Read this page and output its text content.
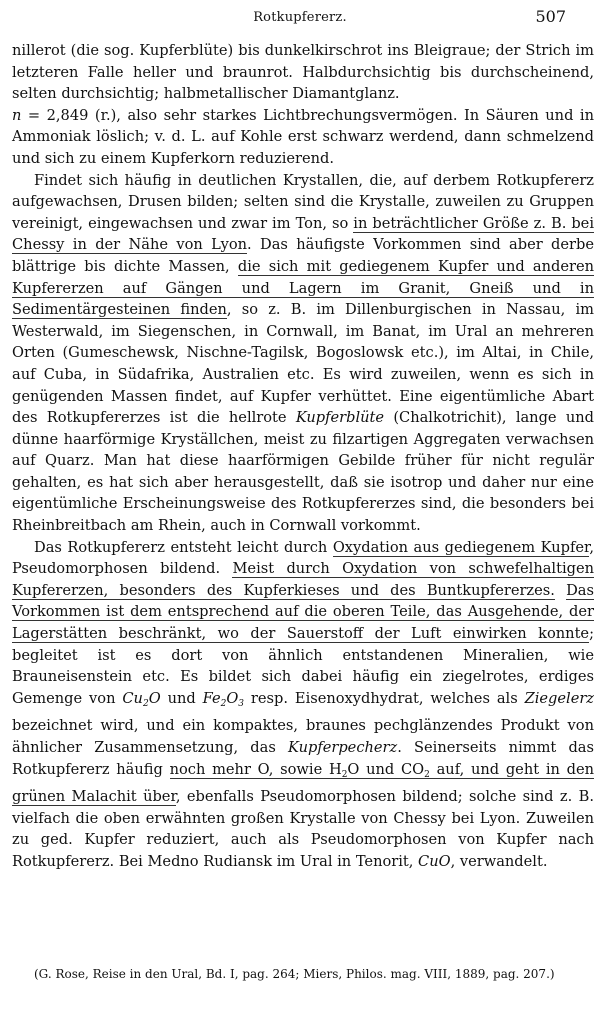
Rotkupfererz.	507

nillerot (die sog. Kupferblüte) bis dunkelkirschrot ins Bleigraue; der Strich im letzteren Falle heller und braunrot. Halbdurchsichtig bis durchscheinend, selten durchsichtig; halbmetallischer Diamantglanz.
n = 2,849 (r.), also sehr starkes Lichtbrechungsvermögen. In Säuren und in Ammoniak löslich; v. d. L. auf Kohle erst schwarz werdend, dann schmelzend und sich zu einem Kupferkorn reduzierend.

Findet sich häufig in deutlichen Krystallen, die, auf derbem Rotkupfererz aufgewachsen, Drusen bilden; selten sind die Krystalle, zuweilen zu Gruppen vereinigt, eingewachsen und zwar im Ton, so in beträchtlicher Größe z. B. bei Chessy in der Nähe von Lyon. Das häufigste Vorkommen sind aber derbe blättrige bis dichte Massen, die sich mit gediegenem Kupfer und anderen Kupfererzen auf Gängen und Lagern im Granit, Gneiß und in Sedimentärgesteinen finden, so z. B. im Dillenburgischen in Nassau, im Westerwald, im Siegenschen, in Cornwall, im Banat, im Ural an mehreren Orten (Gumeschewsk, Nischne-Tagilsk, Bogoslowsk etc.), im Altai, in Chile, auf Cuba, in Südafrika, Australien etc. Es wird zuweilen, wenn es sich in genügenden Massen findet, auf Kupfer verhüttet. Eine eigentümliche Abart des Rotkupfererzes ist die hellrote Kupferblüte (Chalkotrichit), lange und dünne haarförmige Kryställchen, meist zu filzartigen Aggregaten verwachsen auf Quarz. Man hat diese haarförmigen Gebilde früher für nicht regulär gehalten, es hat sich aber herausgestellt, daß sie isotrop und daher nur eine eigentümliche Erscheinungsweise des Rotkupfererzes sind, die besonders bei Rheinbreitbach am Rhein, auch in Cornwall vorkommt.

Das Rotkupfererz entsteht leicht durch Oxydation aus gediegenem Kupfer, Pseudomorphosen bildend. Meist durch Oxydation von schwefelhaltigen Kupfererzen, besonders des Kupferkieses und des Buntkupfererzes. Das Vorkommen ist dem entsprechend auf die oberen Teile, das Ausgehende, der Lagerstätten beschränkt, wo der Sauerstoff der Luft einwirken konnte; begleitet ist es dort von ähnlich entstandenen Mineralien, wie Brauneisenstein etc. Es bildet sich dabei häufig ein ziegelrotes, erdiges Gemenge von $Cu_2O$ und $Fe_2O_3$ resp. Eisenoxydhydrat, welches als Ziegelerz bezeichnet wird, und ein kompaktes, braunes pechglänzendes Produkt von ähnlicher Zusammensetzung, das Kupferpecherz. Seinerseits nimmt das Rotkupfererz häufig noch mehr O, sowie $H_2O$ und $CO_2$ auf, und geht in den grünen Malachit über, ebenfalls Pseudomorphosen bildend; solche sind z. B. vielfach die oben erwähnten großen Krystalle von Chessy bei Lyon. Zuweilen zu ged. Kupfer reduziert, auch als Pseudomorphosen von Kupfer nach Rotkupfererz. Bei Medno Rudiansk im Ural in Tenorit, CuO, verwandelt.

(G. Rose, Reise in den Ural, Bd. I, pag. 264; Miers, Philos. mag. VIII, 1889, pag. 207.)
